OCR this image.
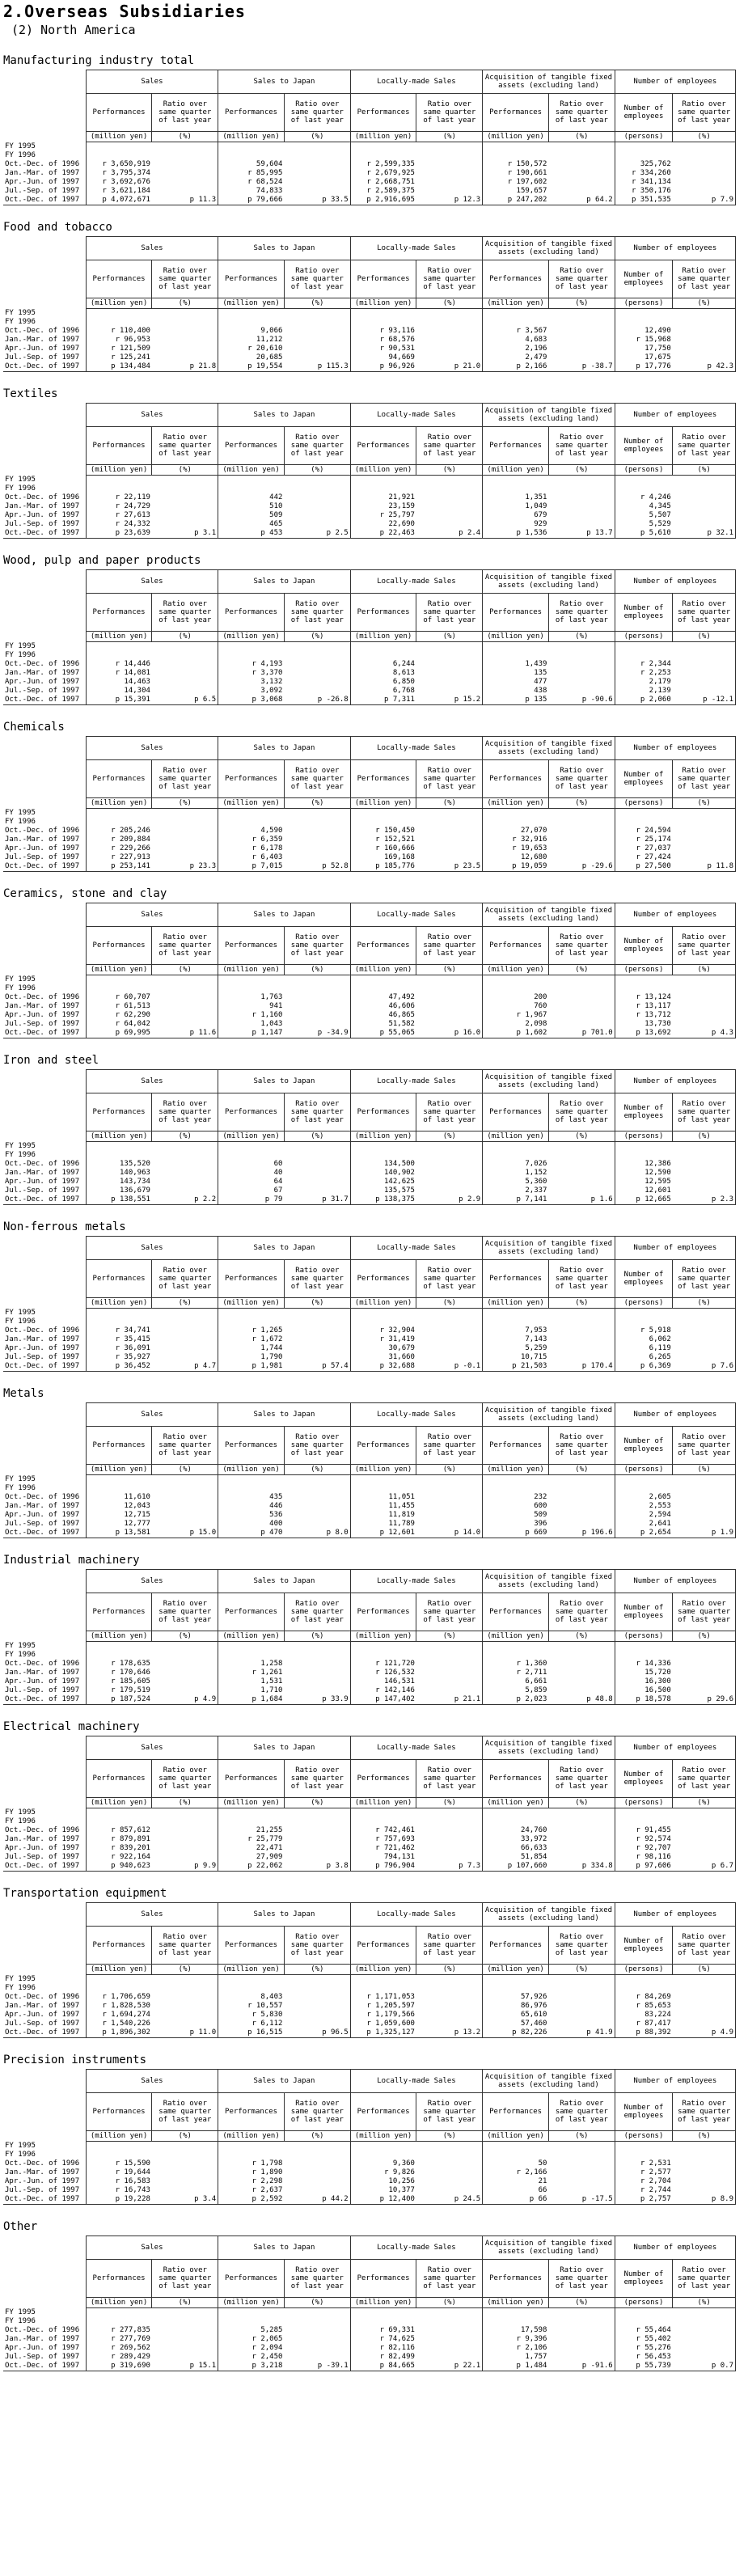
2.Overseas Subsidiaries
(2) North America
Manufacturing industry total
	Sales		Sales to Japan		Locally-made Sales		Acquisition of tangible fixed assets (excluding land)		Number of employees	
	Performances	Ratio over same quarter of last year	Performances	Ratio over same quarter of last year	Performances	Ratio over same quarter of last year	Performances	Ratio over same quarter of last year	Number of employees	Ratio over same quarter of last year
	(million yen)	(%)	(million yen)	(%)	(million yen)	(%)	(million yen)	(%)	(persons)	(%)
FY 1995										
FY 1996										
Oct.-Dec. of 1996	r 3,650,919		59,604		r 2,599,335		r 150,572		325,762	
Jan.-Mar. of 1997	r 3,795,374		r 85,995		r 2,679,925		r 190,661		r 334,260	
Apr.-Jun. of 1997	r 3,692,676		r 68,524		r 2,668,751		r 197,602		r 341,134	
Jul.-Sep. of 1997	r 3,621,184		74,833		r 2,589,375		159,657		r 350,176	
Oct.-Dec. of 1997	p 4,072,671	p 11.3	p 79,666	p 33.5	p 2,916,695	p 12.3	p 247,202	p 64.2	p 351,535	p 7.9
Food and tobacco
	Sales		Sales to Japan		Locally-made Sales		Acquisition of tangible fixed assets (excluding land)		Number of employees	
	Performances	Ratio over same quarter of last year	Performances	Ratio over same quarter of last year	Performances	Ratio over same quarter of last year	Performances	Ratio over same quarter of last year	Number of employees	Ratio over same quarter of last year
	(million yen)	(%)	(million yen)	(%)	(million yen)	(%)	(million yen)	(%)	(persons)	(%)
FY 1995										
FY 1996										
Oct.-Dec. of 1996	r 110,400		9,066		r 93,116		r 3,567		12,490	
Jan.-Mar. of 1997	r 96,953		11,212		r 68,576		4,683		r 15,968	
Apr.-Jun. of 1997	r 121,509		r 20,610		r 90,531		2,196		17,750	
Jul.-Sep. of 1997	r 125,241		20,685		94,669		2,479		17,675	
Oct.-Dec. of 1997	p 134,484	p 21.8	p 19,554	p 115.3	p 96,926	p 21.0	p 2,166	p -38.7	p 17,776	p 42.3
Textiles
	Sales		Sales to Japan		Locally-made Sales		Acquisition of tangible fixed assets (excluding land)		Number of employees	
	Performances	Ratio over same quarter of last year	Performances	Ratio over same quarter of last year	Performances	Ratio over same quarter of last year	Performances	Ratio over same quarter of last year	Number of employees	Ratio over same quarter of last year
	(million yen)	(%)	(million yen)	(%)	(million yen)	(%)	(million yen)	(%)	(persons)	(%)
FY 1995										
FY 1996										
Oct.-Dec. of 1996	r 22,119		442		21,921		1,351		r 4,246	
Jan.-Mar. of 1997	r 24,729		510		23,159		1,049		4,345	
Apr.-Jun. of 1997	r 27,613		509		r 25,797		679		5,507	
Jul.-Sep. of 1997	r 24,332		465		22,690		929		5,529	
Oct.-Dec. of 1997	p 23,639	p 3.1	p 453	p 2.5	p 22,463	p 2.4	p 1,536	p 13.7	p 5,610	p 32.1
Wood, pulp and paper products
	Sales		Sales to Japan		Locally-made Sales		Acquisition of tangible fixed assets (excluding land)		Number of employees	
	Performances	Ratio over same quarter of last year	Performances	Ratio over same quarter of last year	Performances	Ratio over same quarter of last year	Performances	Ratio over same quarter of last year	Number of employees	Ratio over same quarter of last year
	(million yen)	(%)	(million yen)	(%)	(million yen)	(%)	(million yen)	(%)	(persons)	(%)
FY 1995										
FY 1996										
Oct.-Dec. of 1996	r 14,446		r 4,193		6,244		1,439		r 2,344	
Jan.-Mar. of 1997	r 14,081		r 3,370		8,613		135		r 2,253	
Apr.-Jun. of 1997	14,463		3,132		6,850		477		2,179	
Jul.-Sep. of 1997	14,304		3,092		6,768		438		2,139	
Oct.-Dec. of 1997	p 15,391	p 6.5	p 3,068	p -26.8	p 7,311	p 15.2	p 135	p -90.6	p 2,060	p -12.1
Chemicals
	Sales		Sales to Japan		Locally-made Sales		Acquisition of tangible fixed assets (excluding land)		Number of employees	
	Performances	Ratio over same quarter of last year	Performances	Ratio over same quarter of last year	Performances	Ratio over same quarter of last year	Performances	Ratio over same quarter of last year	Number of employees	Ratio over same quarter of last year
	(million yen)	(%)	(million yen)	(%)	(million yen)	(%)	(million yen)	(%)	(persons)	(%)
FY 1995										
FY 1996										
Oct.-Dec. of 1996	r 205,246		4,590		r 150,450		27,070		r 24,594	
Jan.-Mar. of 1997	r 209,884		r 6,359		r 152,521		r 32,916		r 25,174	
Apr.-Jun. of 1997	r 229,266		r 6,178		r 160,666		r 19,653		r 27,037	
Jul.-Sep. of 1997	r 227,913		r 6,403		169,168		12,680		r 27,424	
Oct.-Dec. of 1997	p 253,141	p 23.3	p 7,015	p 52.8	p 185,776	p 23.5	p 19,059	p -29.6	p 27,500	p 11.8
Ceramics, stone and clay
	Sales		Sales to Japan		Locally-made Sales		Acquisition of tangible fixed assets (excluding land)		Number of employees	
	Performances	Ratio over same quarter of last year	Performances	Ratio over same quarter of last year	Performances	Ratio over same quarter of last year	Performances	Ratio over same quarter of last year	Number of employees	Ratio over same quarter of last year
	(million yen)	(%)	(million yen)	(%)	(million yen)	(%)	(million yen)	(%)	(persons)	(%)
FY 1995										
FY 1996										
Oct.-Dec. of 1996	r 60,707		1,763		47,492		200		r 13,124	
Jan.-Mar. of 1997	r 61,513		941		46,606		760		r 13,117	
Apr.-Jun. of 1997	r 62,290		r 1,160		46,865		r 1,967		r 13,712	
Jul.-Sep. of 1997	r 64,042		1,043		51,582		2,098		13,730	
Oct.-Dec. of 1997	p 69,995	p 11.6	p 1,147	p -34.9	p 55,065	p 16.0	p 1,602	p 701.0	p 13,692	p 4.3
Iron and steel
	Sales		Sales to Japan		Locally-made Sales		Acquisition of tangible fixed assets (excluding land)		Number of employees	
	Performances	Ratio over same quarter of last year	Performances	Ratio over same quarter of last year	Performances	Ratio over same quarter of last year	Performances	Ratio over same quarter of last year	Number of employees	Ratio over same quarter of last year
	(million yen)	(%)	(million yen)	(%)	(million yen)	(%)	(million yen)	(%)	(persons)	(%)
FY 1995										
FY 1996										
Oct.-Dec. of 1996	135,520		60		134,500		7,026		12,386	
Jan.-Mar. of 1997	140,963		40		140,902		1,152		12,590	
Apr.-Jun. of 1997	143,734		64		142,625		5,360		12,595	
Jul.-Sep. of 1997	136,679		67		135,575		2,337		12,601	
Oct.-Dec. of 1997	p 138,551	p 2.2	p 79	p 31.7	p 138,375	p 2.9	p 7,141	p 1.6	p 12,665	p 2.3
Non-ferrous metals
	Sales		Sales to Japan		Locally-made Sales		Acquisition of tangible fixed assets (excluding land)		Number of employees	
	Performances	Ratio over same quarter of last year	Performances	Ratio over same quarter of last year	Performances	Ratio over same quarter of last year	Performances	Ratio over same quarter of last year	Number of employees	Ratio over same quarter of last year
	(million yen)	(%)	(million yen)	(%)	(million yen)	(%)	(million yen)	(%)	(persons)	(%)
FY 1995										
FY 1996										
Oct.-Dec. of 1996	r 34,741		r 1,265		r 32,904		7,953		r 5,918	
Jan.-Mar. of 1997	r 35,415		r 1,672		r 31,419		7,143		6,062	
Apr.-Jun. of 1997	r 36,091		1,744		30,679		5,259		6,119	
Jul.-Sep. of 1997	r 35,927		1,790		31,660		10,715		6,265	
Oct.-Dec. of 1997	p 36,452	p 4.7	p 1,981	p 57.4	p 32,688	p -0.1	p 21,503	p 170.4	p 6,369	p 7.6
Metals
	Sales		Sales to Japan		Locally-made Sales		Acquisition of tangible fixed assets (excluding land)		Number of employees	
	Performances	Ratio over same quarter of last year	Performances	Ratio over same quarter of last year	Performances	Ratio over same quarter of last year	Performances	Ratio over same quarter of last year	Number of employees	Ratio over same quarter of last year
	(million yen)	(%)	(million yen)	(%)	(million yen)	(%)	(million yen)	(%)	(persons)	(%)
FY 1995										
FY 1996										
Oct.-Dec. of 1996	11,610		435		11,051		232		2,605	
Jan.-Mar. of 1997	12,043		446		11,455		600		2,553	
Apr.-Jun. of 1997	12,715		536		11,819		509		2,594	
Jul.-Sep. of 1997	12,777		400		11,789		396		2,641	
Oct.-Dec. of 1997	p 13,581	p 15.0	p 470	p 8.0	p 12,601	p 14.0	p 669	p 196.6	p 2,654	p 1.9
Industrial machinery
	Sales		Sales to Japan		Locally-made Sales		Acquisition of tangible fixed assets (excluding land)		Number of employees	
	Performances	Ratio over same quarter of last year	Performances	Ratio over same quarter of last year	Performances	Ratio over same quarter of last year	Performances	Ratio over same quarter of last year	Number of employees	Ratio over same quarter of last year
	(million yen)	(%)	(million yen)	(%)	(million yen)	(%)	(million yen)	(%)	(persons)	(%)
FY 1995										
FY 1996										
Oct.-Dec. of 1996	r 178,635		1,258		r 121,720		r 1,360		r 14,336	
Jan.-Mar. of 1997	r 170,646		r 1,261		r 126,532		r 2,711		15,720	
Apr.-Jun. of 1997	r 185,605		1,531		146,531		6,661		16,300	
Jul.-Sep. of 1997	r 179,519		1,710		r 142,146		5,859		16,500	
Oct.-Dec. of 1997	p 187,524	p 4.9	p 1,684	p 33.9	p 147,402	p 21.1	p 2,023	p 48.8	p 18,578	p 29.6
Electrical machinery
	Sales		Sales to Japan		Locally-made Sales		Acquisition of tangible fixed assets (excluding land)		Number of employees	
	Performances	Ratio over same quarter of last year	Performances	Ratio over same quarter of last year	Performances	Ratio over same quarter of last year	Performances	Ratio over same quarter of last year	Number of employees	Ratio over same quarter of last year
	(million yen)	(%)	(million yen)	(%)	(million yen)	(%)	(million yen)	(%)	(persons)	(%)
FY 1995										
FY 1996										
Oct.-Dec. of 1996	r 857,612		21,255		r 742,461		24,760		r 91,455	
Jan.-Mar. of 1997	r 879,891		r 25,779		r 757,693		33,972		r 92,574	
Apr.-Jun. of 1997	r 839,201		22,471		r 721,462		66,633		r 92,707	
Jul.-Sep. of 1997	r 922,164		27,909		794,131		51,854		r 98,116	
Oct.-Dec. of 1997	p 940,623	p 9.9	p 22,062	p 3.8	p 796,904	p 7.3	p 107,660	p 334.8	p 97,606	p 6.7
Transportation equipment
	Sales		Sales to Japan		Locally-made Sales		Acquisition of tangible fixed assets (excluding land)		Number of employees	
	Performances	Ratio over same quarter of last year	Performances	Ratio over same quarter of last year	Performances	Ratio over same quarter of last year	Performances	Ratio over same quarter of last year	Number of employees	Ratio over same quarter of last year
	(million yen)	(%)	(million yen)	(%)	(million yen)	(%)	(million yen)	(%)	(persons)	(%)
FY 1995										
FY 1996										
Oct.-Dec. of 1996	r 1,706,659		8,403		r 1,171,053		57,926		r 84,269	
Jan.-Mar. of 1997	r 1,828,530		r 10,557		r 1,205,597		86,976		r 85,653	
Apr.-Jun. of 1997	r 1,694,274		r 5,830		r 1,179,566		65,610		83,224	
Jul.-Sep. of 1997	r 1,540,226		r 6,112		r 1,059,600		57,460		r 87,417	
Oct.-Dec. of 1997	p 1,896,302	p 11.0	p 16,515	p 96.5	p 1,325,127	p 13.2	p 82,226	p 41.9	p 88,392	p 4.9
Precision instruments
	Sales		Sales to Japan		Locally-made Sales		Acquisition of tangible fixed assets (excluding land)		Number of employees	
	Performances	Ratio over same quarter of last year	Performances	Ratio over same quarter of last year	Performances	Ratio over same quarter of last year	Performances	Ratio over same quarter of last year	Number of employees	Ratio over same quarter of last year
	(million yen)	(%)	(million yen)	(%)	(million yen)	(%)	(million yen)	(%)	(persons)	(%)
FY 1995										
FY 1996										
Oct.-Dec. of 1996	r 15,590		r 1,798		9,360		50		r 2,531	
Jan.-Mar. of 1997	r 19,644		r 1,890		r 9,826		r 2,166		r 2,577	
Apr.-Jun. of 1997	r 16,583		r 2,298		10,256		21		r 2,704	
Jul.-Sep. of 1997	r 16,743		r 2,637		10,377		66		r 2,744	
Oct.-Dec. of 1997	p 19,228	p 3.4	p 2,592	p 44.2	p 12,400	p 24.5	p 66	p -17.5	p 2,757	p 8.9
Other
	Sales		Sales to Japan		Locally-made Sales		Acquisition of tangible fixed assets (excluding land)		Number of employees	
	Performances	Ratio over same quarter of last year	Performances	Ratio over same quarter of last year	Performances	Ratio over same quarter of last year	Performances	Ratio over same quarter of last year	Number of employees	Ratio over same quarter of last year
	(million yen)	(%)	(million yen)	(%)	(million yen)	(%)	(million yen)	(%)	(persons)	(%)
FY 1995										
FY 1996										
Oct.-Dec. of 1996	r 277,835		5,285		r 69,331		17,598		r 55,464	
Jan.-Mar. of 1997	r 277,769		r 2,065		r 74,625		r 9,396		r 55,402	
Apr.-Jun. of 1997	r 269,562		r 2,094		r 82,116		r 2,106		r 55,276	
Jul.-Sep. of 1997	r 289,429		r 2,450		r 82,499		1,757		r 56,453	
Oct.-Dec. of 1997	p 319,690	p 15.1	p 3,218	p -39.1	p 84,665	p 22.1	p 1,484	p -91.6	p 55,739	p 0.7
